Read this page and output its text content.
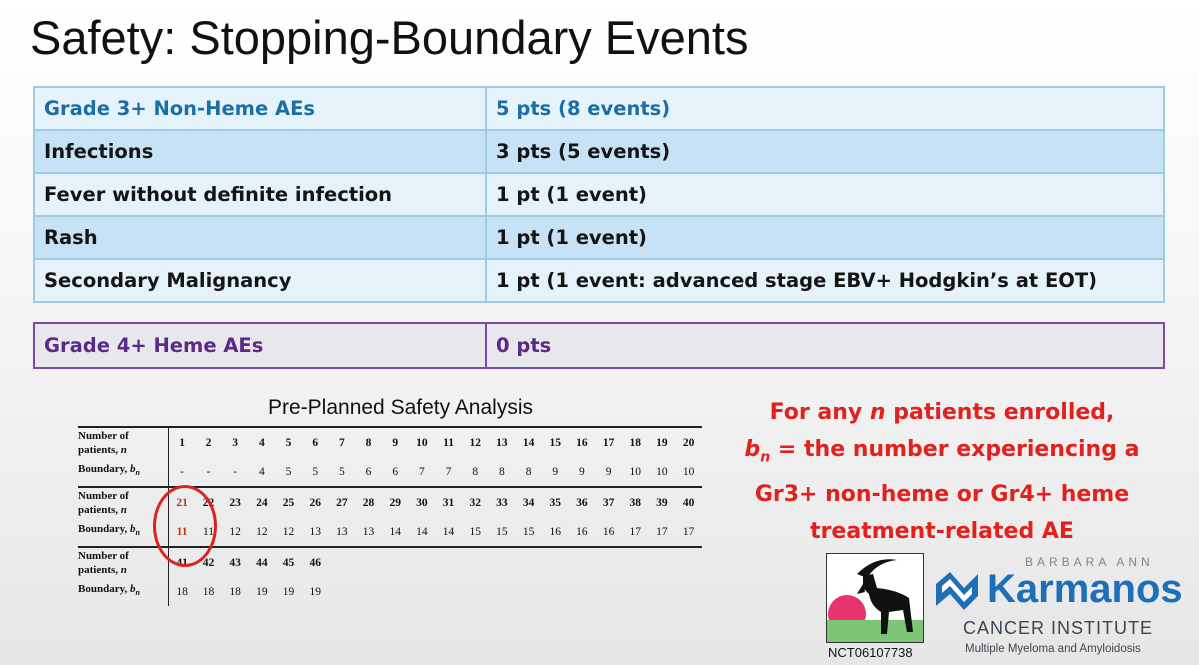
Safety: Stopping-Boundary Events
Grade 3+ Non-Heme AEs	5 pts (8 events)
Infections	3 pts (5 events)
Fever without definite infection	1 pt (1 event)
Rash	1 pt (1 event)
Secondary Malignancy	1 pt (1 event: advanced stage EBV+ Hodgkin’s at EOT)
Grade 4+ Heme AEs	0 pts
Pre-Planned Safety Analysis
Number of
patients, n	1	2	3	4	5	6	7	8	9	10	11	12	13	14	15	16	17	18	19	20
Boundary, $b_n$	-	-	-	4	5	5	5	6	6	7	7	8	8	8	9	9	9	10	10	10
Number of
patients, n	21	22	23	24	25	26	27	28	29	30	31	32	33	34	35	36	37	38	39	40
Boundary, $b_n$	11	11	12	12	12	13	13	13	14	14	14	15	15	15	16	16	16	17	17	17
Number of
patients, n	41	42	43	44	45	46														
Boundary, $b_n$	18	18	18	19	19	19														
For any n patients enrolled,
$b_n$ = the number experiencing a
Gr3+ non-heme or Gr4+ heme
treatment-related AE
NCT06107738
BARBARA ANN
Karmanos
CANCER INSTITUTE
Multiple Myeloma and Amyloidosis
